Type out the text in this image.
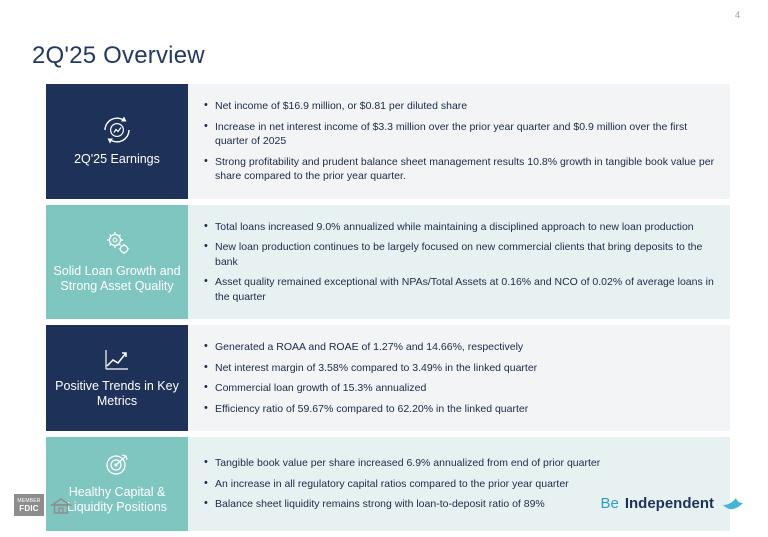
4
2Q'25 Overview
2Q'25 Earnings
• Net income of $16.9 million, or $0.81 per diluted share
• Increase in net interest income of $3.3 million over the prior year quarter and $0.9 million over the first quarter of 2025
• Strong profitability and prudent balance sheet management results 10.8% growth in tangible book value per share compared to the prior year quarter.
Solid Loan Growth and Strong Asset Quality
• Total loans increased 9.0% annualized while maintaining a disciplined approach to new loan production
• New loan production continues to be largely focused on new commercial clients that bring deposits to the bank
• Asset quality remained exceptional with NPAs/Total Assets at 0.16% and NCO of 0.02% of average loans in the quarter
Positive Trends in Key Metrics
• Generated a ROAA and ROAE of 1.27% and 14.66%, respectively
• Net interest margin of 3.58% compared to 3.49% in the linked quarter
• Commercial loan growth of 15.3% annualized
• Efficiency ratio of 59.67% compared to 62.20% in the linked quarter
Healthy Capital & Liquidity Positions
• Tangible book value per share increased 6.9% annualized from end of prior quarter
• An increase in all regulatory capital ratios compared to the prior year quarter
• Balance sheet liquidity remains strong with loan-to-deposit ratio of 89%
MEMBER
FDIC	Be Independent
